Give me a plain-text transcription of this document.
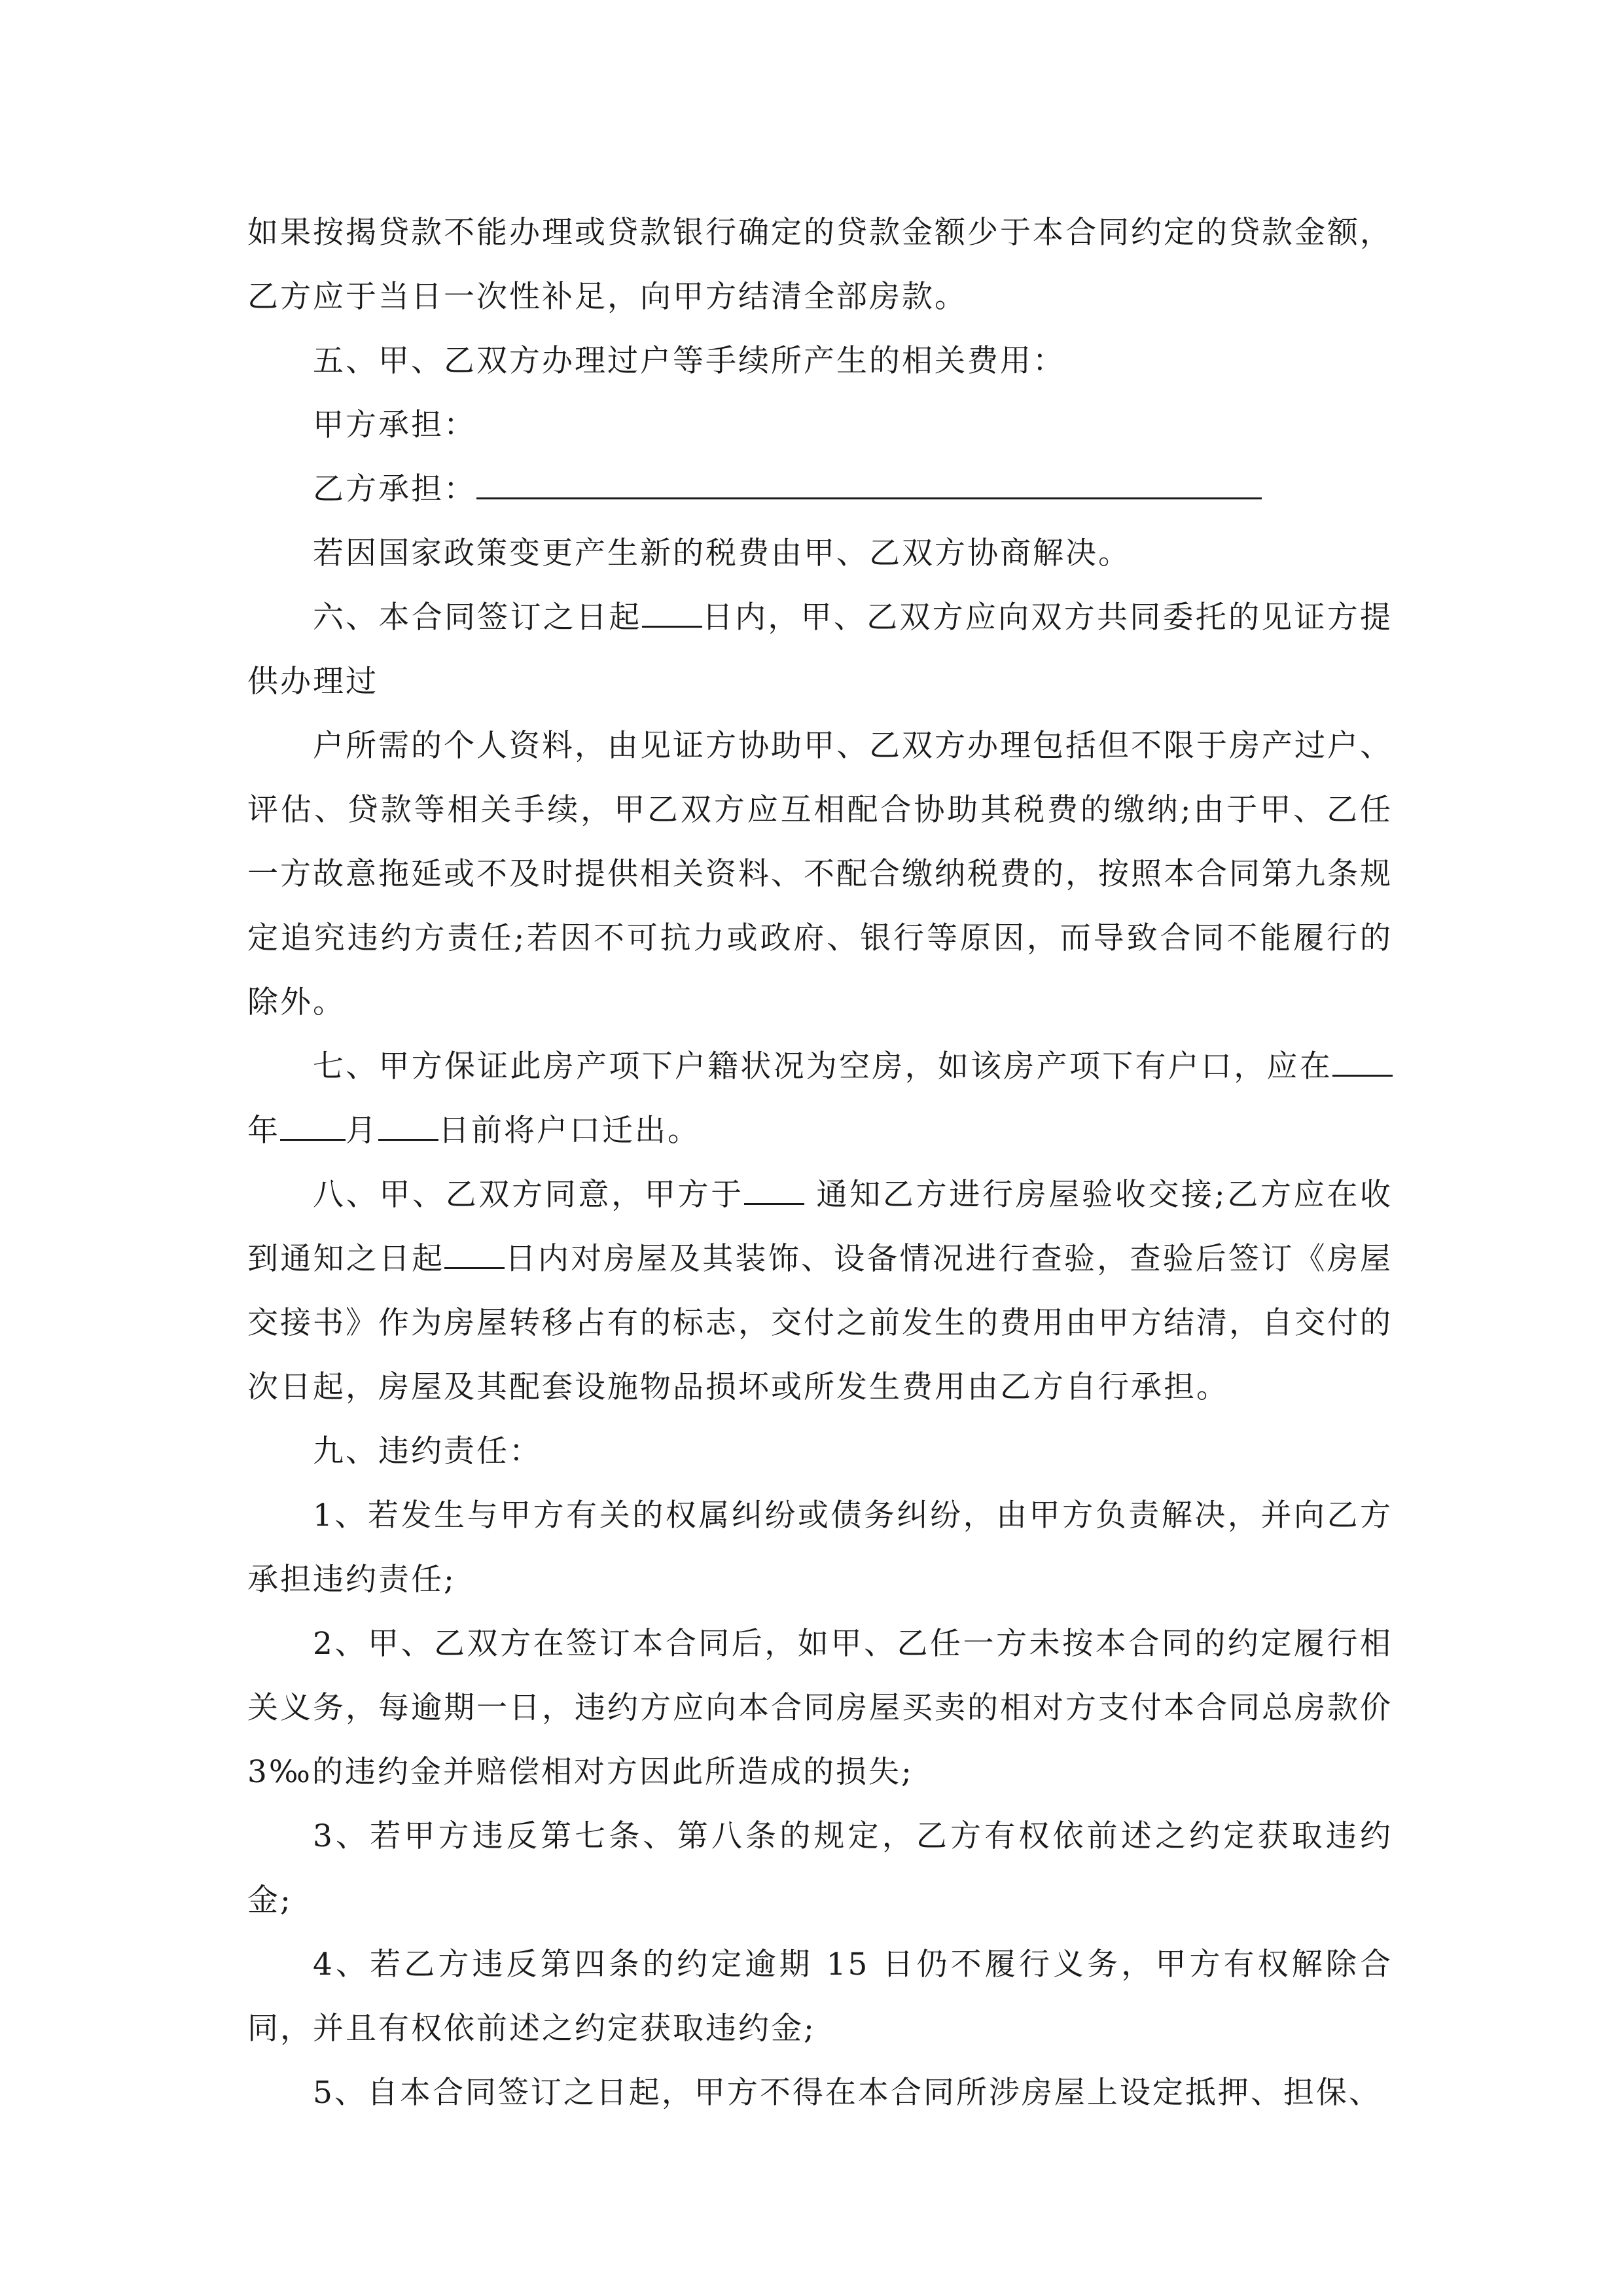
如果按揭贷款不能办理或贷款银行确定的贷款金额少于本合同约定的贷款金额，乙方应于当日一次性补足，向甲方结清全部房款。

五、甲、乙双方办理过户等手续所产生的相关费用：

甲方承担：

乙方承担：

若因国家政策变更产生新的税费由甲、乙双方协商解决。

六、本合同签订之日起 日内，甲、乙双方应向双方共同委托的见证方提供办理过

户所需的个人资料，由见证方协助甲、乙双方办理包括但不限于房产过户、评估、贷款等相关手续，甲乙双方应互相配合协助其税费的缴纳;由于甲、乙任一方故意拖延或不及时提供相关资料、不配合缴纳税费的，按照本合同第九条规定追究违约方责任;若因不可抗力或政府、银行等原因，而导致合同不能履行的除外。

七、甲方保证此房产项下户籍状况为空房，如该房产项下有户口，应在年 月 日前将户口迁出。

八、甲、乙双方同意，甲方于 通知乙方进行房屋验收交接;乙方应在收到通知之日起 日内对房屋及其装饰、设备情况进行查验，查验后签订《房屋交接书》作为房屋转移占有的标志，交付之前发生的费用由甲方结清，自交付的次日起，房屋及其配套设施物品损坏或所发生费用由乙方自行承担。

九、违约责任：

1、若发生与甲方有关的权属纠纷或债务纠纷，由甲方负责解决，并向乙方承担违约责任;

2、甲、乙双方在签订本合同后，如甲、乙任一方未按本合同的约定履行相关义务，每逾期一日，违约方应向本合同房屋买卖的相对方支付本合同总房款价3‰的违约金并赔偿相对方因此所造成的损失;

3、若甲方违反第七条、第八条的规定，乙方有权依前述之约定获取违约金;

4、若乙方违反第四条的约定逾期 15 日仍不履行义务，甲方有权解除合同，并且有权依前述之约定获取违约金;

5、自本合同签订之日起，甲方不得在本合同所涉房屋上设定抵押、担保、
